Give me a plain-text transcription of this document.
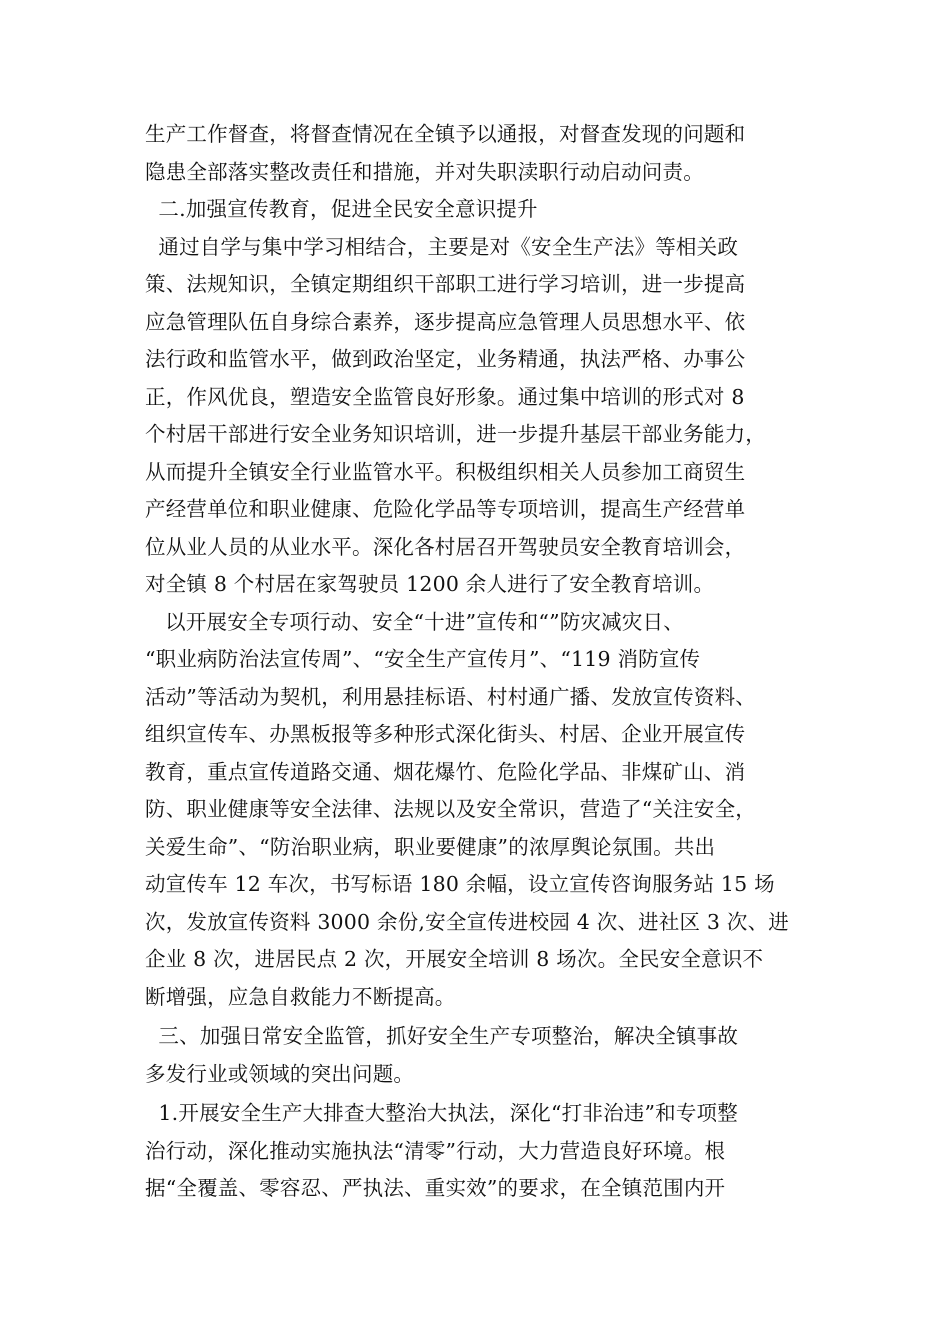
生产工作督查，将督查情况在全镇予以通报，对督查发现的问题和
隐患全部落实整改责任和措施，并对失职渎职行动启动问责。
二.加强宣传教育，促进全民安全意识提升
通过自学与集中学习相结合，主要是对《安全生产法》等相关政
策、法规知识，全镇定期组织干部职工进行学习培训，进一步提高
应急管理队伍自身综合素养，逐步提高应急管理人员思想水平、依
法行政和监管水平，做到政治坚定，业务精通，执法严格、办事公
正，作风优良，塑造安全监管良好形象。通过集中培训的形式对 8
个村居干部进行安全业务知识培训，进一步提升基层干部业务能力，
从而提升全镇安全行业监管水平。积极组织相关人员参加工商贸生
产经营单位和职业健康、危险化学品等专项培训，提高生产经营单
位从业人员的从业水平。深化各村居召开驾驶员安全教育培训会，
对全镇 8 个村居在家驾驶员 1200 余人进行了安全教育培训。
以开展安全专项行动、安全“十进”宣传和“”防灾减灾日、
“职业病防治法宣传周”、“安全生产宣传月”、“119 消防宣传
活动”等活动为契机，利用悬挂标语、村村通广播、发放宣传资料、
组织宣传车、办黑板报等多种形式深化街头、村居、企业开展宣传
教育，重点宣传道路交通、烟花爆竹、危险化学品、非煤矿山、消
防、职业健康等安全法律、法规以及安全常识，营造了“关注安全，
关爱生命”、“防治职业病，职业要健康”的浓厚舆论氛围。共出
动宣传车 12 车次，书写标语 180 余幅，设立宣传咨询服务站 15 场
次，发放宣传资料 3000 余份,安全宣传进校园 4 次、进社区 3 次、进
企业 8 次，进居民点 2 次，开展安全培训 8 场次。全民安全意识不
断增强，应急自救能力不断提高。
三、加强日常安全监管，抓好安全生产专项整治，解决全镇事故
多发行业或领域的突出问题。
1.开展安全生产大排查大整治大执法，深化“打非治违”和专项整
治行动，深化推动实施执法“清零”行动，大力营造良好环境。根
据“全覆盖、零容忍、严执法、重实效”的要求，在全镇范围内开
